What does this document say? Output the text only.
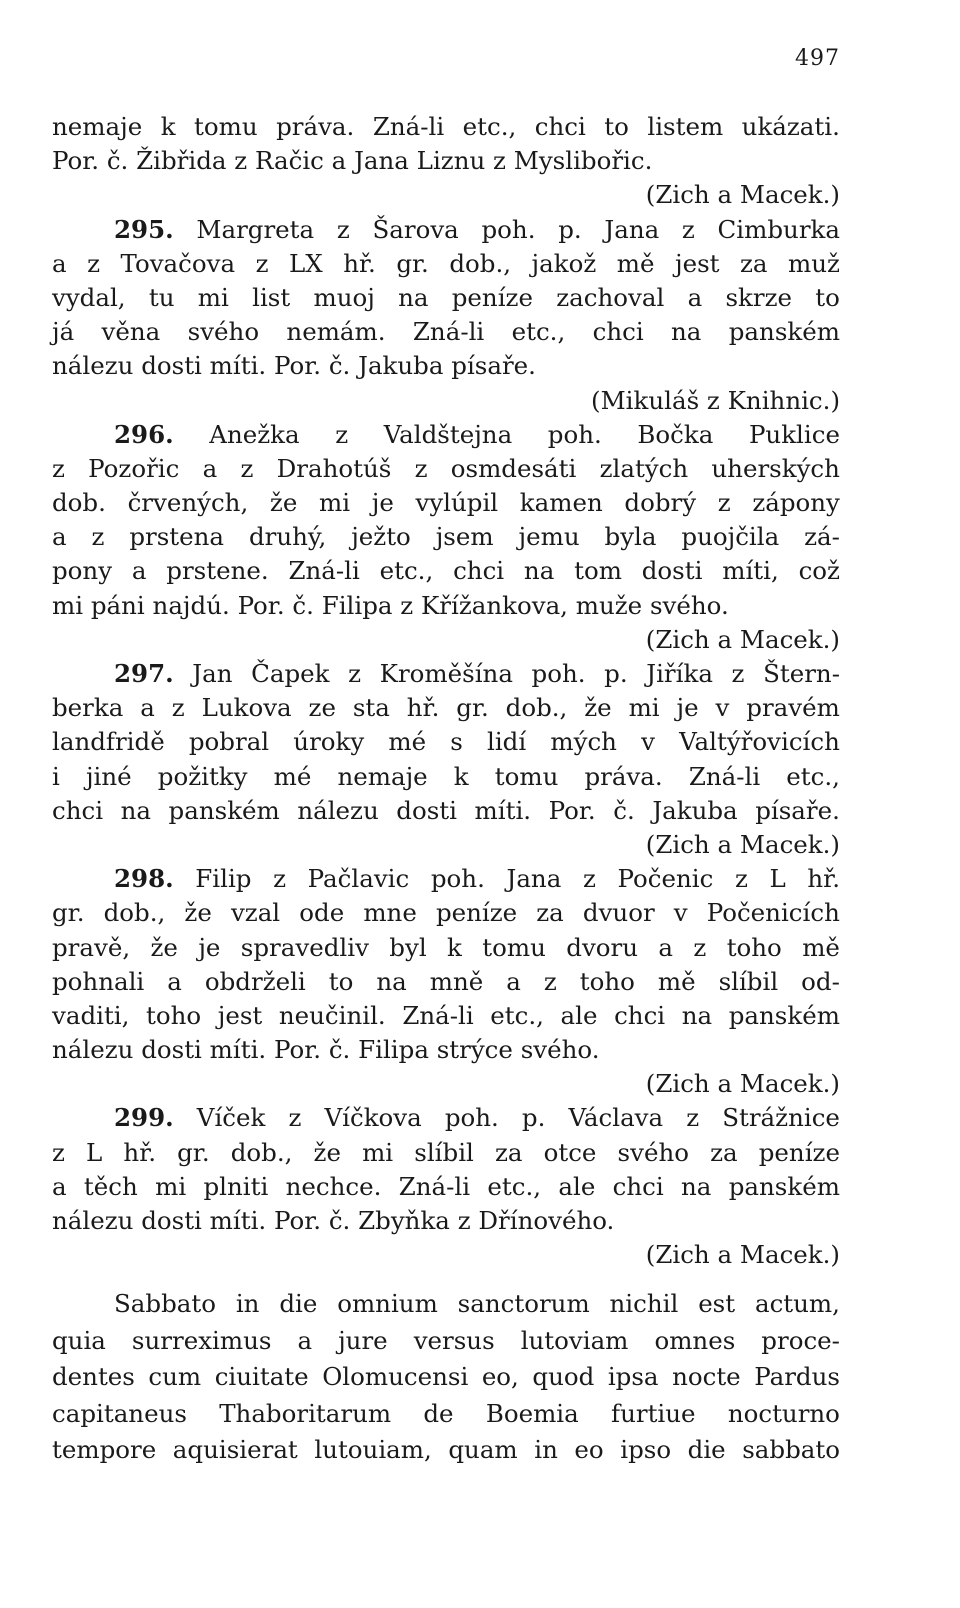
497
nemaje k tomu práva. Zná-li etc., chci to listem ukázati.
Por. č. Žibřida z Račic a Jana Liznu z Myslibořic.
(Zich a Macek.)
295. Margreta z Šarova poh. p. Jana z Cimburka
a z Tovačova z LX hř. gr. dob., jakož mě jest za muž
vydal, tu mi list muoj na peníze zachoval a skrze to
já věna svého nemám. Zná-li etc., chci na panském
nálezu dosti míti. Por. č. Jakuba písaře.
(Mikuláš z Knihnic.)
296. Anežka z Valdštejna poh. Bočka Puklice
z Pozořic a z Drahotúš z osmdesáti zlatých uherských
dob. črvených, že mi je vylúpil kamen dobrý z zápony
a z prstena druhý, ježto jsem jemu byla puojčila zá-
pony a prstene. Zná-li etc., chci na tom dosti míti, což
mi páni najdú. Por. č. Filipa z Křížankova, muže svého.
(Zich a Macek.)
297. Jan Čapek z Kroměšína poh. p. Jiříka z Štern-
berka a z Lukova ze sta hř. gr. dob., že mi je v pravém
landfridě pobral úroky mé s lidí mých v Valtýřovicích
i jiné požitky mé nemaje k tomu práva. Zná-li etc.,
chci na panském nálezu dosti míti. Por. č. Jakuba písaře.
(Zich a Macek.)
298. Filip z Pačlavic poh. Jana z Počenic z L hř.
gr. dob., že vzal ode mne peníze za dvuor v Počenicích
pravě, že je spravedliv byl k tomu dvoru a z toho mě
pohnali a obdrželi to na mně a z toho mě slíbil od-
vaditi, toho jest neučinil. Zná-li etc., ale chci na panském
nálezu dosti míti. Por. č. Filipa strýce svého.
(Zich a Macek.)
299. Víček z Víčkova poh. p. Václava z Strážnice
z L hř. gr. dob., že mi slíbil za otce svého za peníze
a těch mi plniti nechce. Zná-li etc., ale chci na panském
nálezu dosti míti. Por. č. Zbyňka z Dřínového.
(Zich a Macek.)
Sabbato in die omnium sanctorum nichil est actum,
quia surreximus a jure versus lutoviam omnes proce-
dentes cum ciuitate Olomucensi eo, quod ipsa nocte Pardus
capitaneus Thaboritarum de Boemia furtiue nocturno
tempore aquisierat lutouiam, quam in eo ipso die sabbato
